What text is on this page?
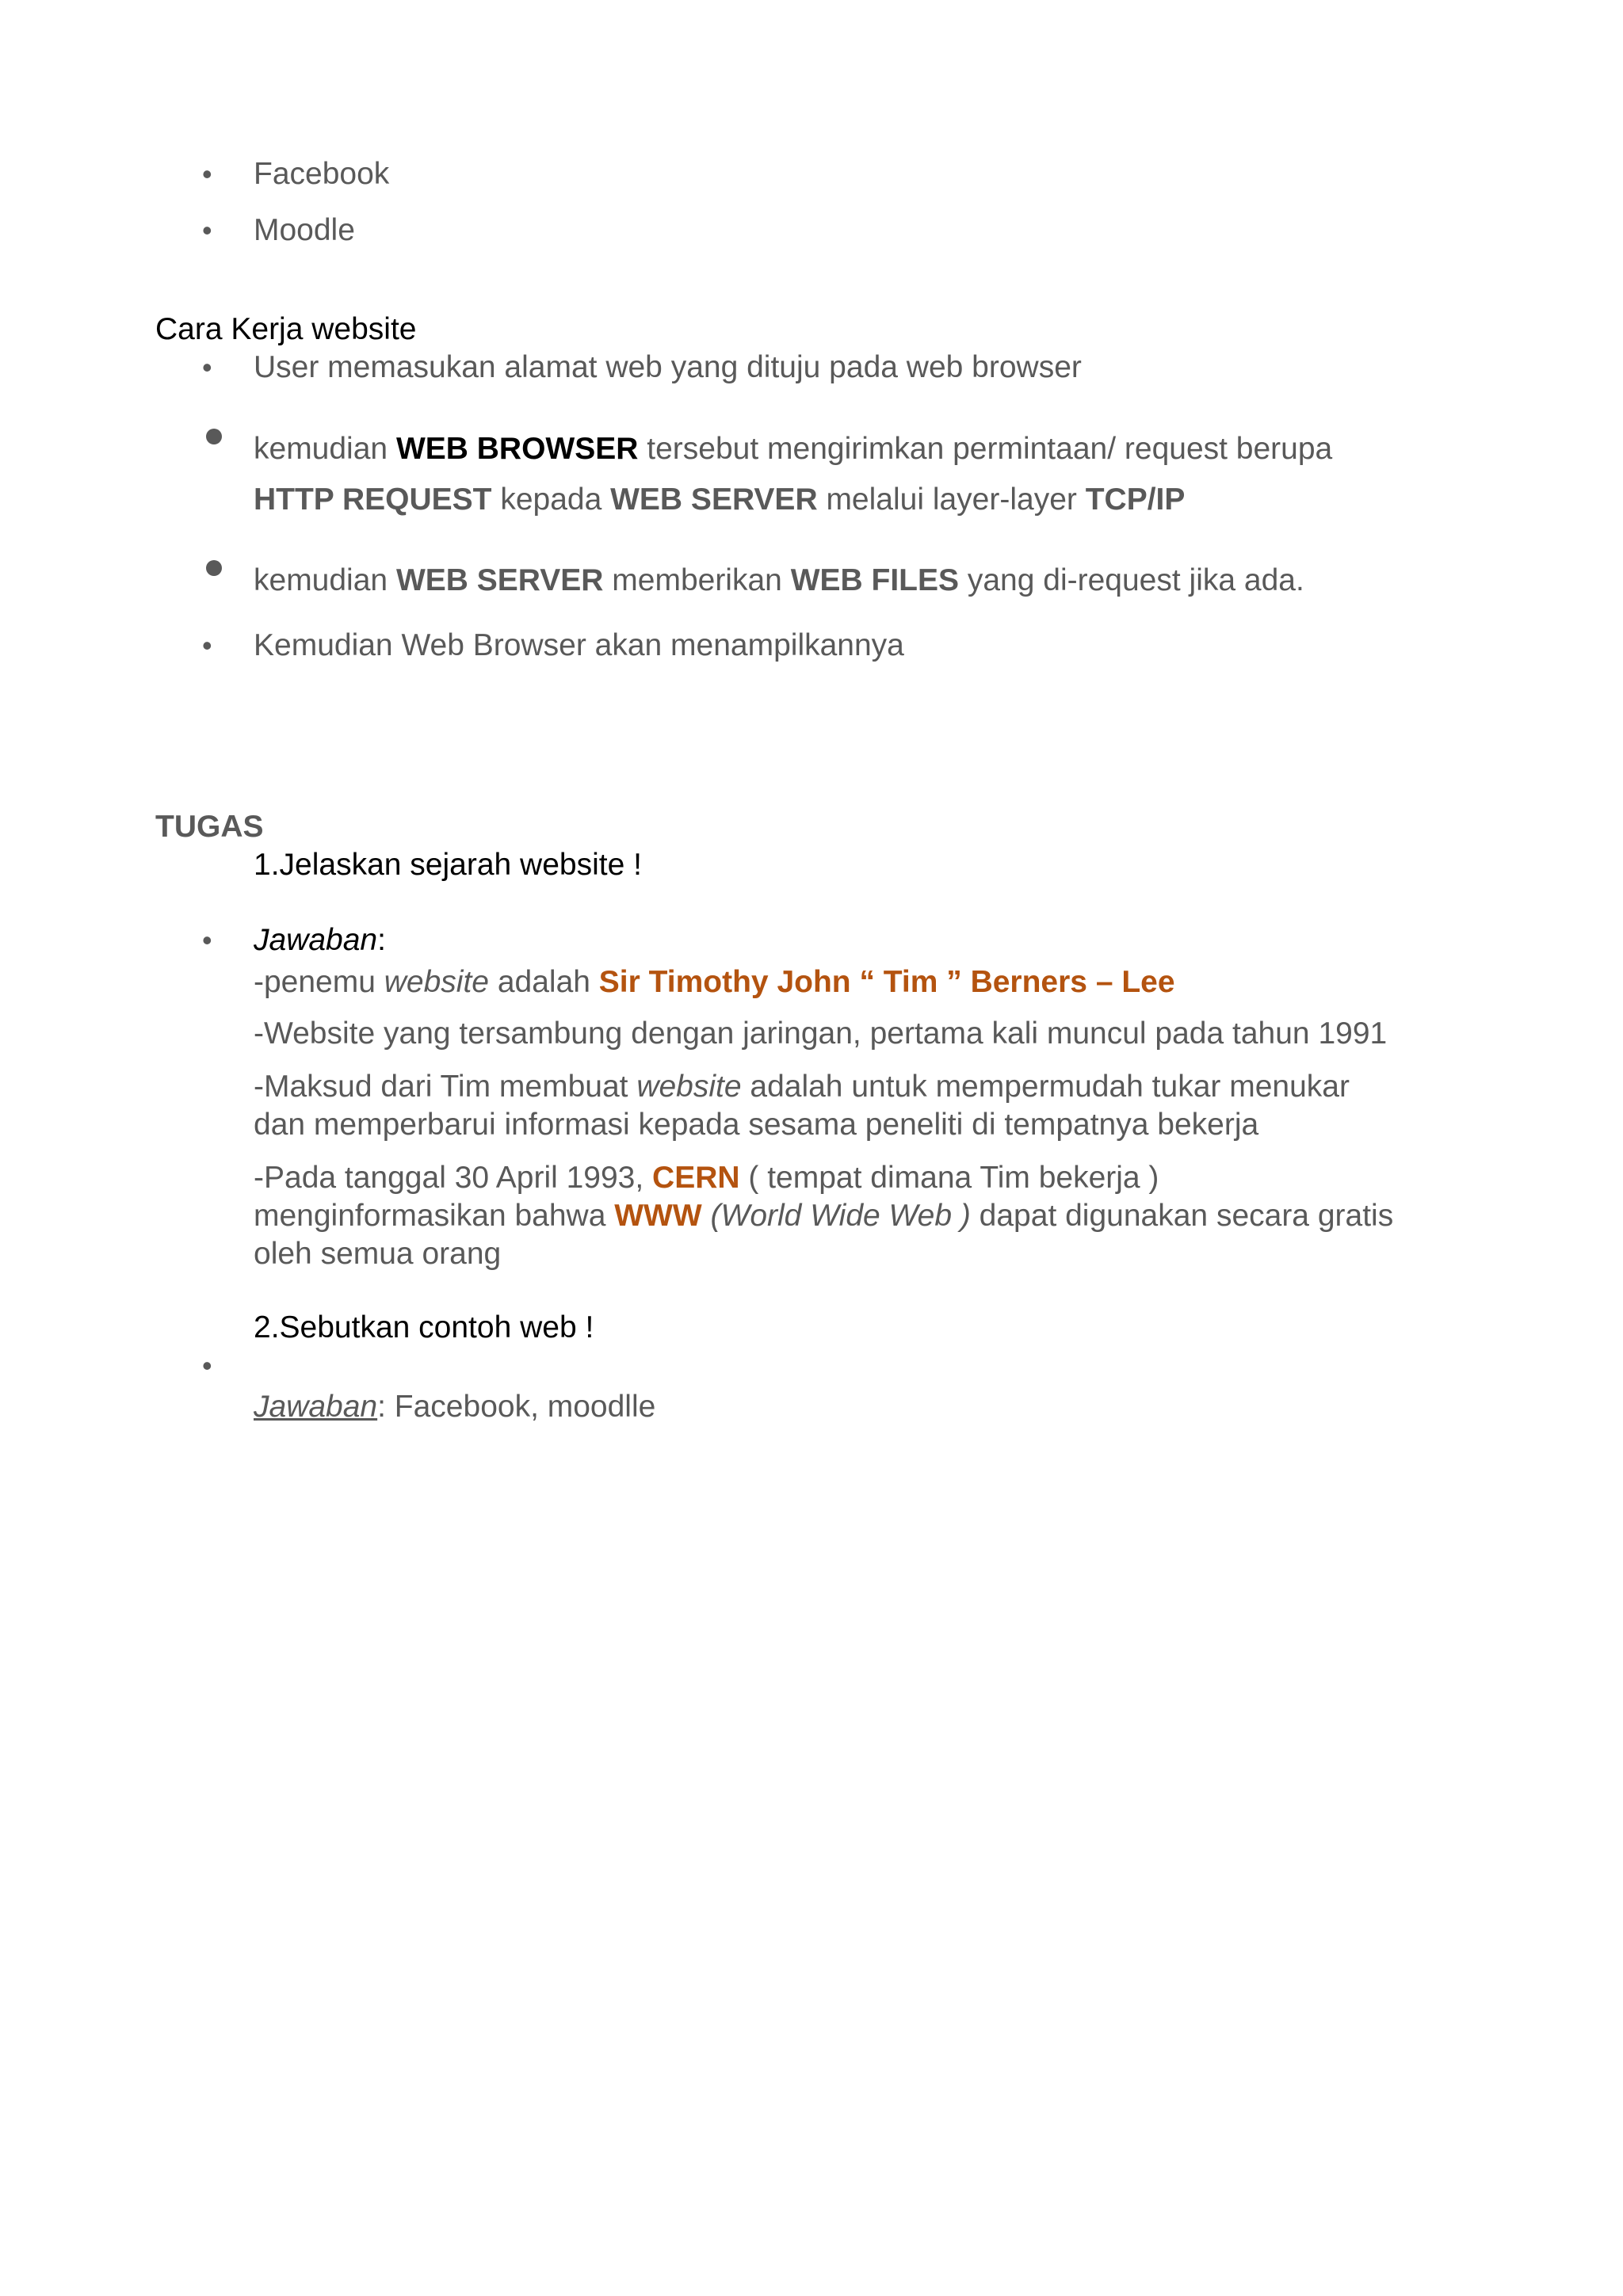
• Facebook
• Moodle
Cara Kerja website
• User memasukan alamat web yang dituju pada web browser
kemudian WEB BROWSER tersebut mengirimkan permintaan/ request berupa
HTTP REQUEST kepada WEB SERVER melalui layer-layer TCP/IP
kemudian WEB SERVER memberikan WEB FILES yang di-request jika ada.
• Kemudian Web Browser akan menampilkannya
TUGAS
1.Jelaskan sejarah website !
• Jawaban:
-penemu website adalah Sir Timothy John “ Tim ” Berners – Lee
-Website yang tersambung dengan jaringan, pertama kali muncul pada tahun 1991
-Maksud dari Tim membuat website adalah untuk mempermudah tukar menukar
dan memperbarui informasi kepada sesama peneliti di tempatnya bekerja
-Pada tanggal 30 April 1993, CERN ( tempat dimana Tim bekerja )
menginformasikan bahwa WWW (World Wide Web ) dapat digunakan secara gratis
oleh semua orang
2.Sebutkan contoh web !
•
Jawaban: Facebook, moodlle
